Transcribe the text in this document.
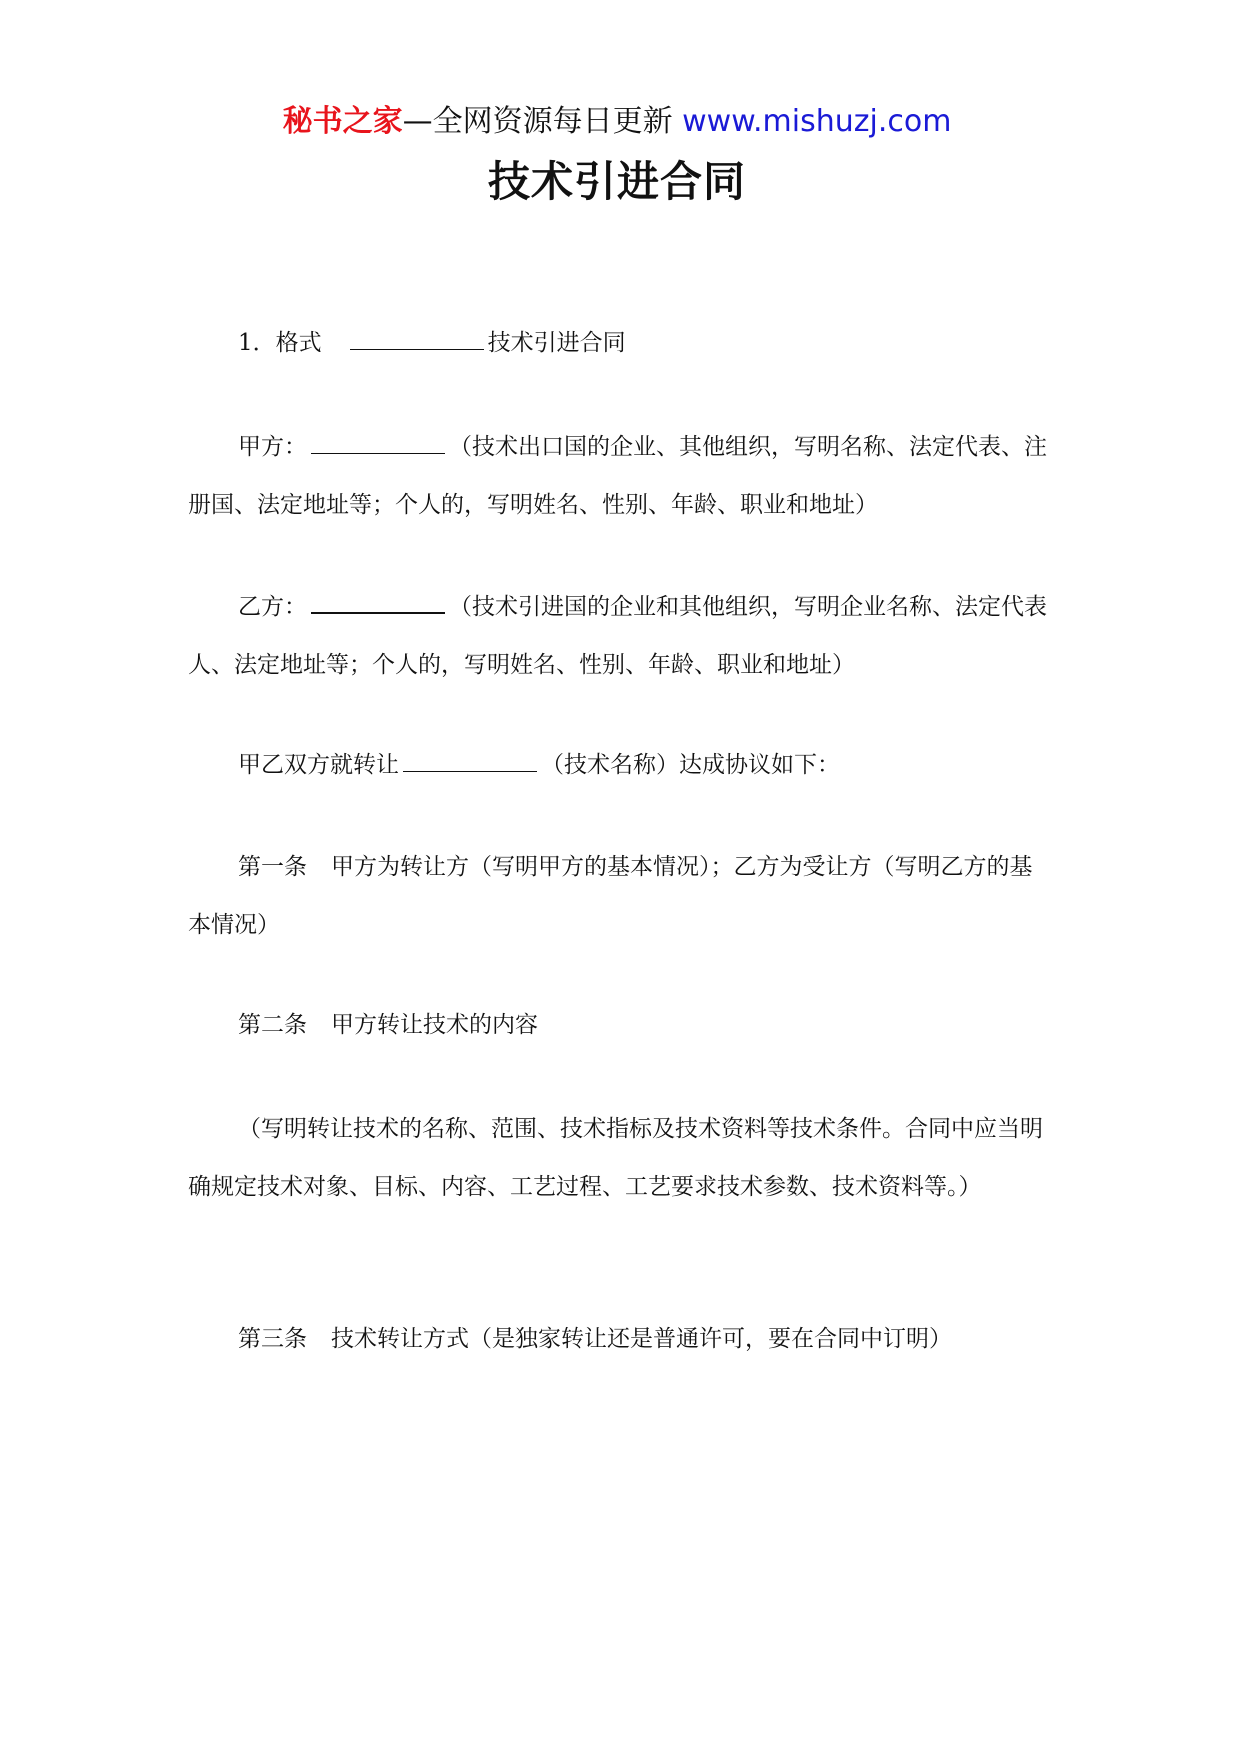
秘书之家—全网资源每日更新 www.mishuzj.com
技术引进合同
1．格式	技术引进合同
甲方：	（技术出口国的企业、其他组织，写明名称、法定代表、注册国、法定地址等；个人的，写明姓名、性别、年龄、职业和地址）
乙方：	（技术引进国的企业和其他组织，写明企业名称、法定代表人、法定地址等；个人的，写明姓名、性别、年龄、职业和地址）
甲乙双方就转让	（技术名称）达成协议如下：
第一条 甲方为转让方（写明甲方的基本情况）；乙方为受让方（写明乙方的基本情况）
第二条 甲方转让技术的内容
（写明转让技术的名称、范围、技术指标及技术资料等技术条件。合同中应当明确规定技术对象、目标、内容、工艺过程、工艺要求技术参数、技术资料等。）
第三条 技术转让方式（是独家转让还是普通许可，要在合同中订明）
